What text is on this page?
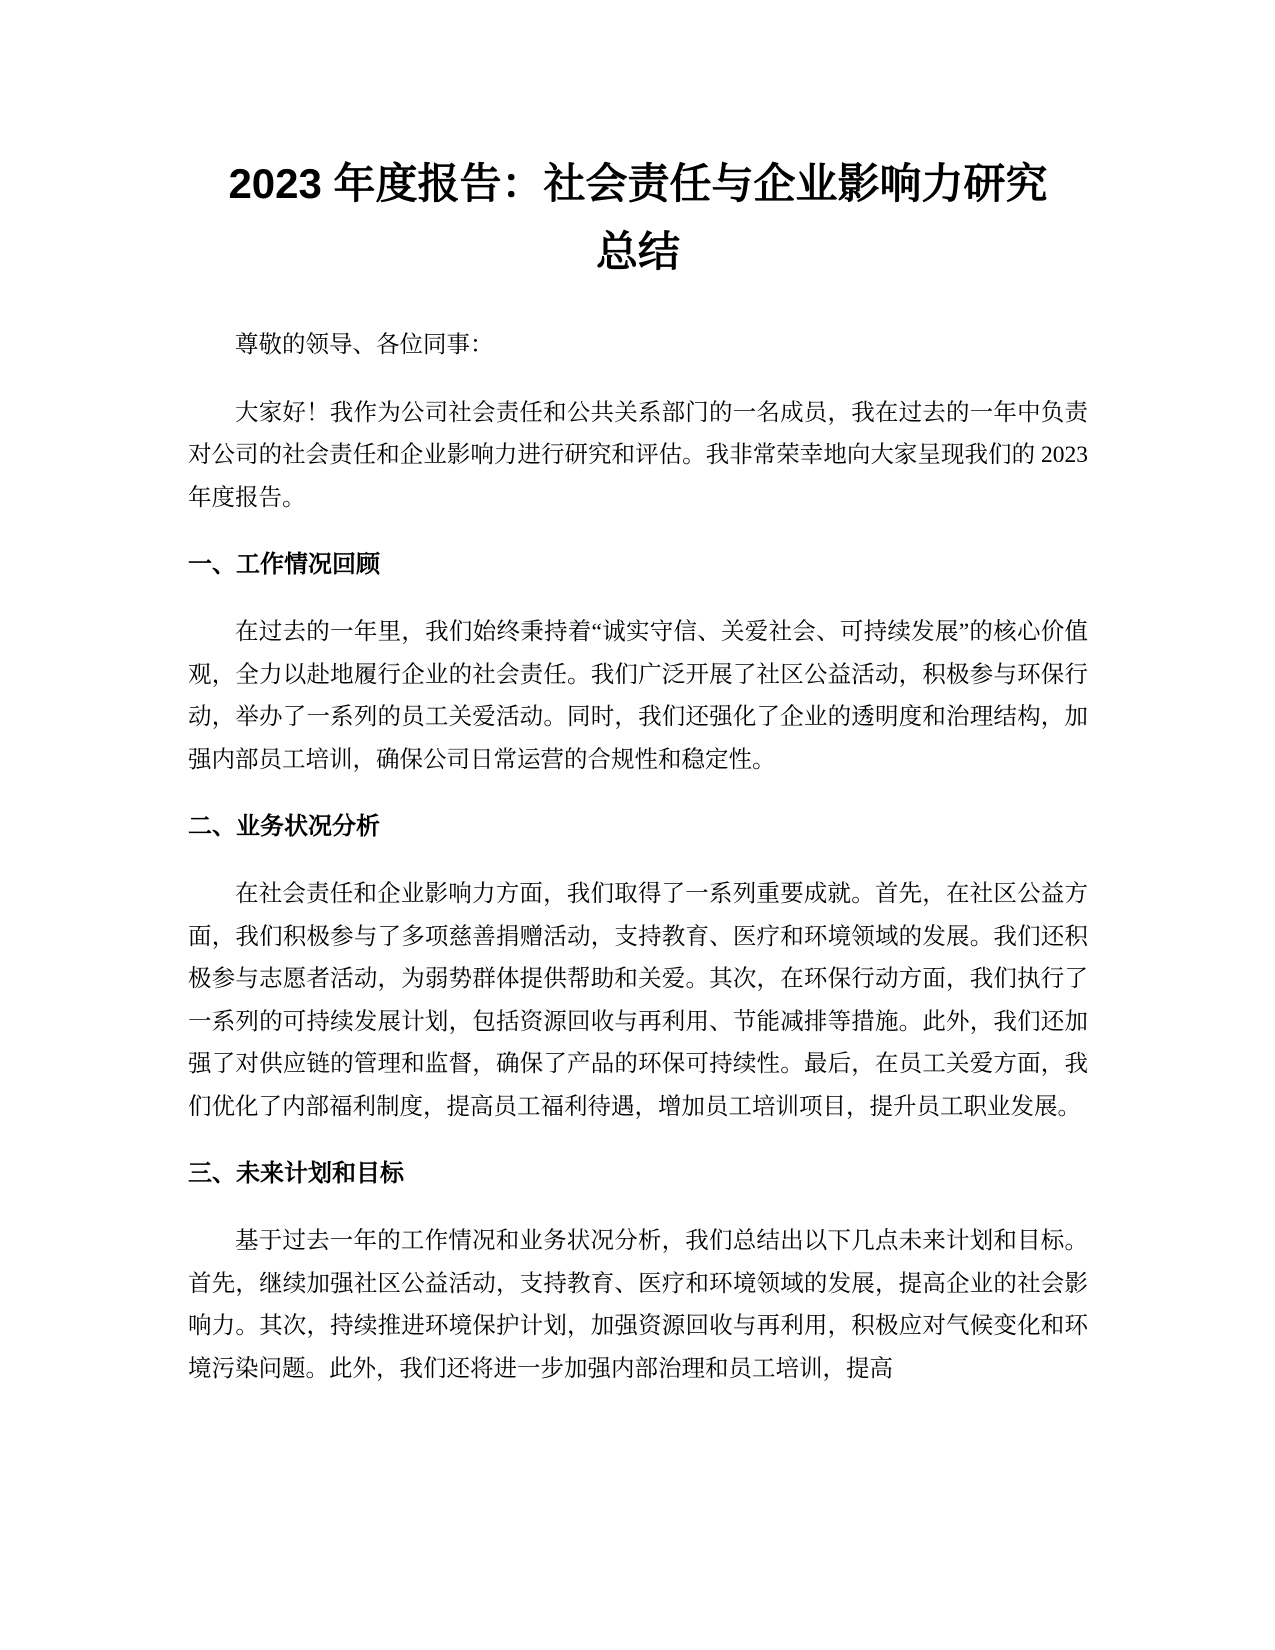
2023 年度报告：社会责任与企业影响力研究
总结

尊敬的领导、各位同事：

大家好！我作为公司社会责任和公共关系部门的一名成员，我在过去的一年中负责对公司的社会责任和企业影响力进行研究和评估。我非常荣幸地向大家呈现我们的 2023 年度报告。

一、工作情况回顾

在过去的一年里，我们始终秉持着“诚实守信、关爱社会、可持续发展”的核心价值观，全力以赴地履行企业的社会责任。我们广泛开展了社区公益活动，积极参与环保行动，举办了一系列的员工关爱活动。同时，我们还强化了企业的透明度和治理结构，加强内部员工培训，确保公司日常运营的合规性和稳定性。

二、业务状况分析

在社会责任和企业影响力方面，我们取得了一系列重要成就。首先，在社区公益方面，我们积极参与了多项慈善捐赠活动，支持教育、医疗和环境领域的发展。我们还积极参与志愿者活动，为弱势群体提供帮助和关爱。其次，在环保行动方面，我们执行了一系列的可持续发展计划，包括资源回收与再利用、节能减排等措施。此外，我们还加强了对供应链的管理和监督，确保了产品的环保可持续性。最后，在员工关爱方面，我们优化了内部福利制度，提高员工福利待遇，增加员工培训项目，提升员工职业发展。

三、未来计划和目标

基于过去一年的工作情况和业务状况分析，我们总结出以下几点未来计划和目标。首先，继续加强社区公益活动，支持教育、医疗和环境领域的发展，提高企业的社会影响力。其次，持续推进环境保护计划，加强资源回收与再利用，积极应对气候变化和环境污染问题。此外，我们还将进一步加强内部治理和员工培训，提高
